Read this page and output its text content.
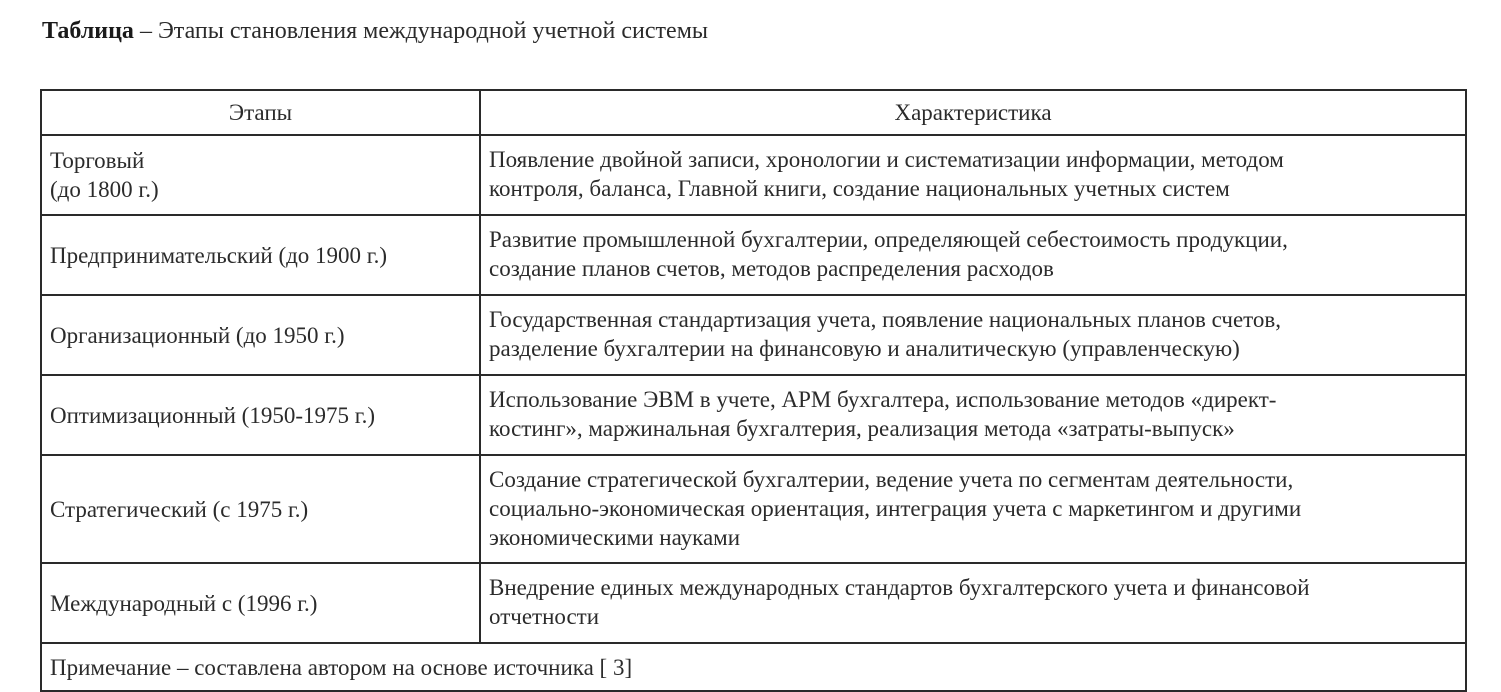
Таблица – Этапы становления международной учетной системы
Этапы	Характеристика

Торговый
(до 1800 г.)	Появление двойной записи, хронологии и систематизации информации, методом
контроля, баланса, Главной книги, создание национальных учетных систем

Предпринимательский (до 1900 г.)	Развитие промышленной бухгалтерии, определяющей себестоимость продукции,
создание планов счетов, методов распределения расходов

Организационный (до 1950 г.)	Государственная стандартизация учета, появление национальных планов счетов,
разделение бухгалтерии на финансовую и аналитическую (управленческую)

Оптимизационный (1950-1975 г.)	Использование ЭВМ в учете, АРМ бухгалтера, использование методов «директ-
костинг», маржинальная бухгалтерия, реализация метода «затраты-выпуск»

Стратегический (с 1975 г.)	Создание стратегической бухгалтерии, ведение учета по сегментам деятельности,
социально-экономическая ориентация, интеграция учета с маркетингом и другими
экономическими науками

Международный с (1996 г.)	Внедрение единых международных стандартов бухгалтерского учета и финансовой
отчетности

Примечание – составлена автором на основе источника [ 3]	
